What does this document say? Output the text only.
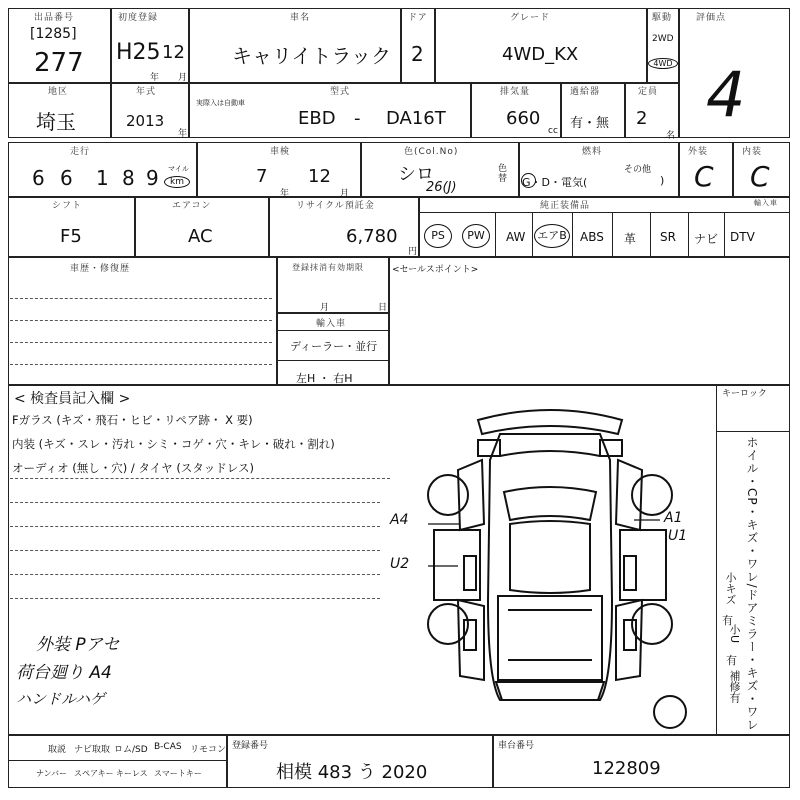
出品番号
[1285]
277
初度登録
H25 12
年 月
車名
キャリイトラック
ドア
2
グレード
4WD_KX
駆動
2WD
4WD
評価点
4
地区
埼玉
年式
2013
年
実際入は自動車
型式
EBD - DA16T
排気量
660
cc
過給器
有・無
定員
2
名
走行
6 6 1 8 9 マイル
km
車検
7
年
12
月
色(Col.No)
シロ
26(J)
色替
燃料
G・D・電気(
その他
)
外装
C
内装
C
シフト
F5
エアコン
AC
リサイクル預託金
6,780
円
純正装備品	輸入車
PS	PW	AW エアB ABS 革 SR ナビ DTV
車歴・修復歴	登録抹消有効期限
月	日
輸入車
ディーラー・並行
左H ・ 右H
<セールスポイント>
< 検査員記入欄 >
Fガラス (キズ・飛石・ヒビ・リペア跡・ X 要)
内装 (キズ・スレ・汚れ・シミ・コゲ・穴・キレ・破れ・割れ)
オーディオ (無し・穴) / タイヤ (スタッドレス)
外装 Pアセ
荷台廻り A4
ハンドルハゲ
キーロック
ホイル・CP・キズ・ワレ/ドアミラー・キズ・ワレ
小キズ
有
小U
有
補修有
A4
U2
A1
U1
取説 ナビ取取 ロム/SD B-CAS リモコン
ナンバー スペアキー キーレス スマートキー
登録番号
相模 483 う 2020
車台番号
122809
